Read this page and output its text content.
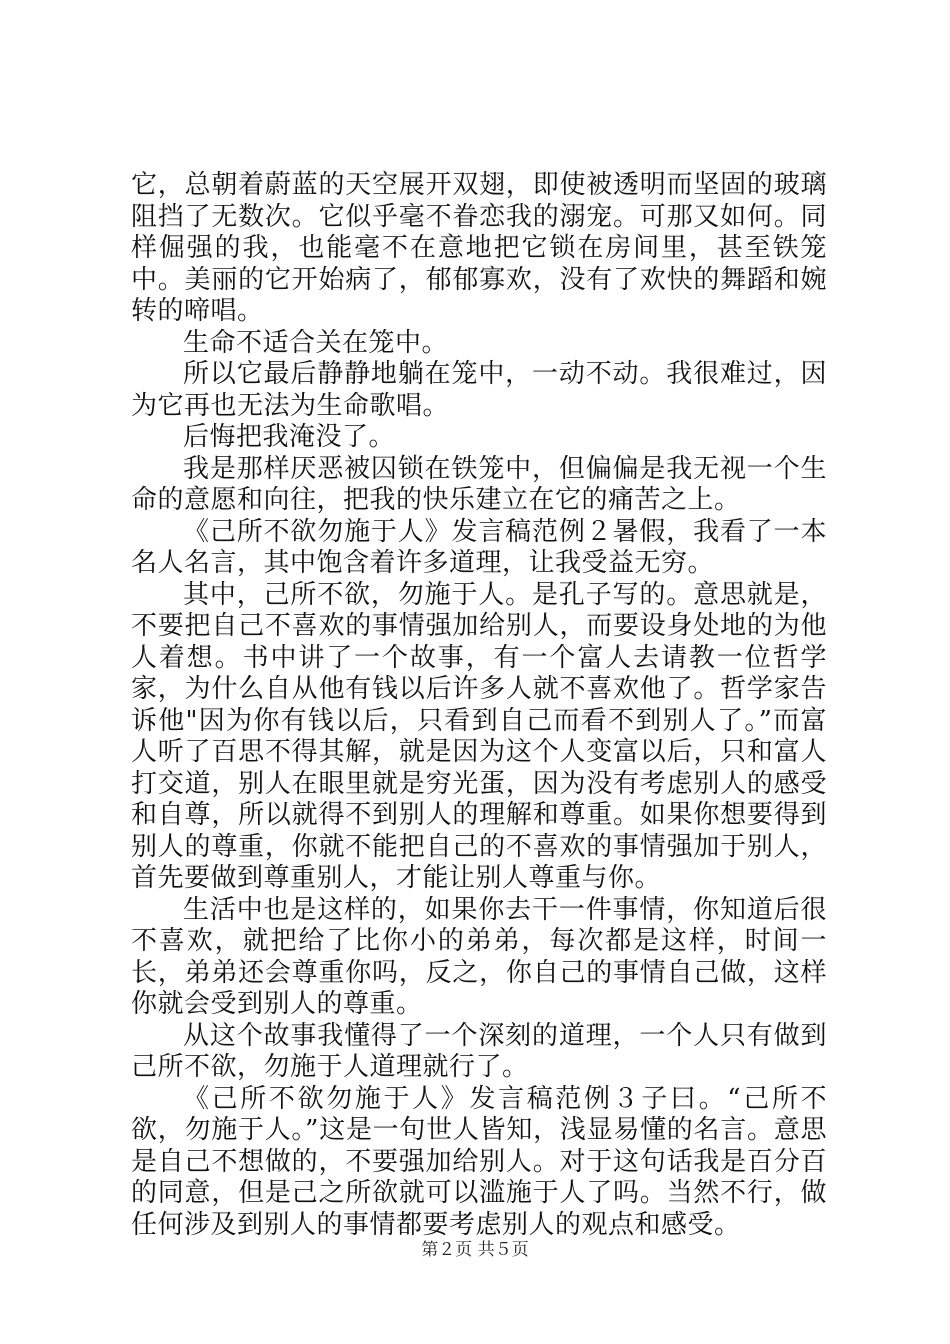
它，总朝着蔚蓝的天空展开双翅，即使被透明而坚固的玻璃阻挡了无数次。它似乎毫不眷恋我的溺宠。可那又如何。同样倔强的我，也能毫不在意地把它锁在房间里，甚至铁笼中。美丽的它开始病了，郁郁寡欢，没有了欢快的舞蹈和婉转的啼唱。

生命不适合关在笼中。

所以它最后静静地躺在笼中，一动不动。我很难过，因为它再也无法为生命歌唱。

后悔把我淹没了。

我是那样厌恶被囚锁在铁笼中，但偏偏是我无视一个生命的意愿和向往，把我的快乐建立在它的痛苦之上。

《己所不欲勿施于人》发言稿范例２暑假，我看了一本名人名言，其中饱含着许多道理，让我受益无穷。

其中，己所不欲，勿施于人。是孔子写的。意思就是，不要把自己不喜欢的事情强加给别人，而要设身处地的为他人着想。书中讲了一个故事，有一个富人去请教一位哲学家，为什么自从他有钱以后许多人就不喜欢他了。哲学家告诉他"因为你有钱以后，只看到自己而看不到别人了。”而富人听了百思不得其解，就是因为这个人变富以后，只和富人打交道，别人在眼里就是穷光蛋，因为没有考虑别人的感受和自尊，所以就得不到别人的理解和尊重。如果你想要得到别人的尊重，你就不能把自己的不喜欢的事情强加于别人，首先要做到尊重别人，才能让别人尊重与你。

生活中也是这样的，如果你去干一件事情，你知道后很不喜欢，就把给了比你小的弟弟，每次都是这样，时间一长，弟弟还会尊重你吗，反之，你自己的事情自己做，这样你就会受到别人的尊重。

从这个故事我懂得了一个深刻的道理，一个人只有做到己所不欲，勿施于人道理就行了。

《己所不欲勿施于人》发言稿范例３子曰。“己所不欲，勿施于人。”这是一句世人皆知，浅显易懂的名言。意思是自己不想做的，不要强加给别人。对于这句话我是百分百的同意，但是己之所欲就可以滥施于人了吗。当然不行，做任何涉及到别人的事情都要考虑别人的观点和感受。

第２页 共５页
